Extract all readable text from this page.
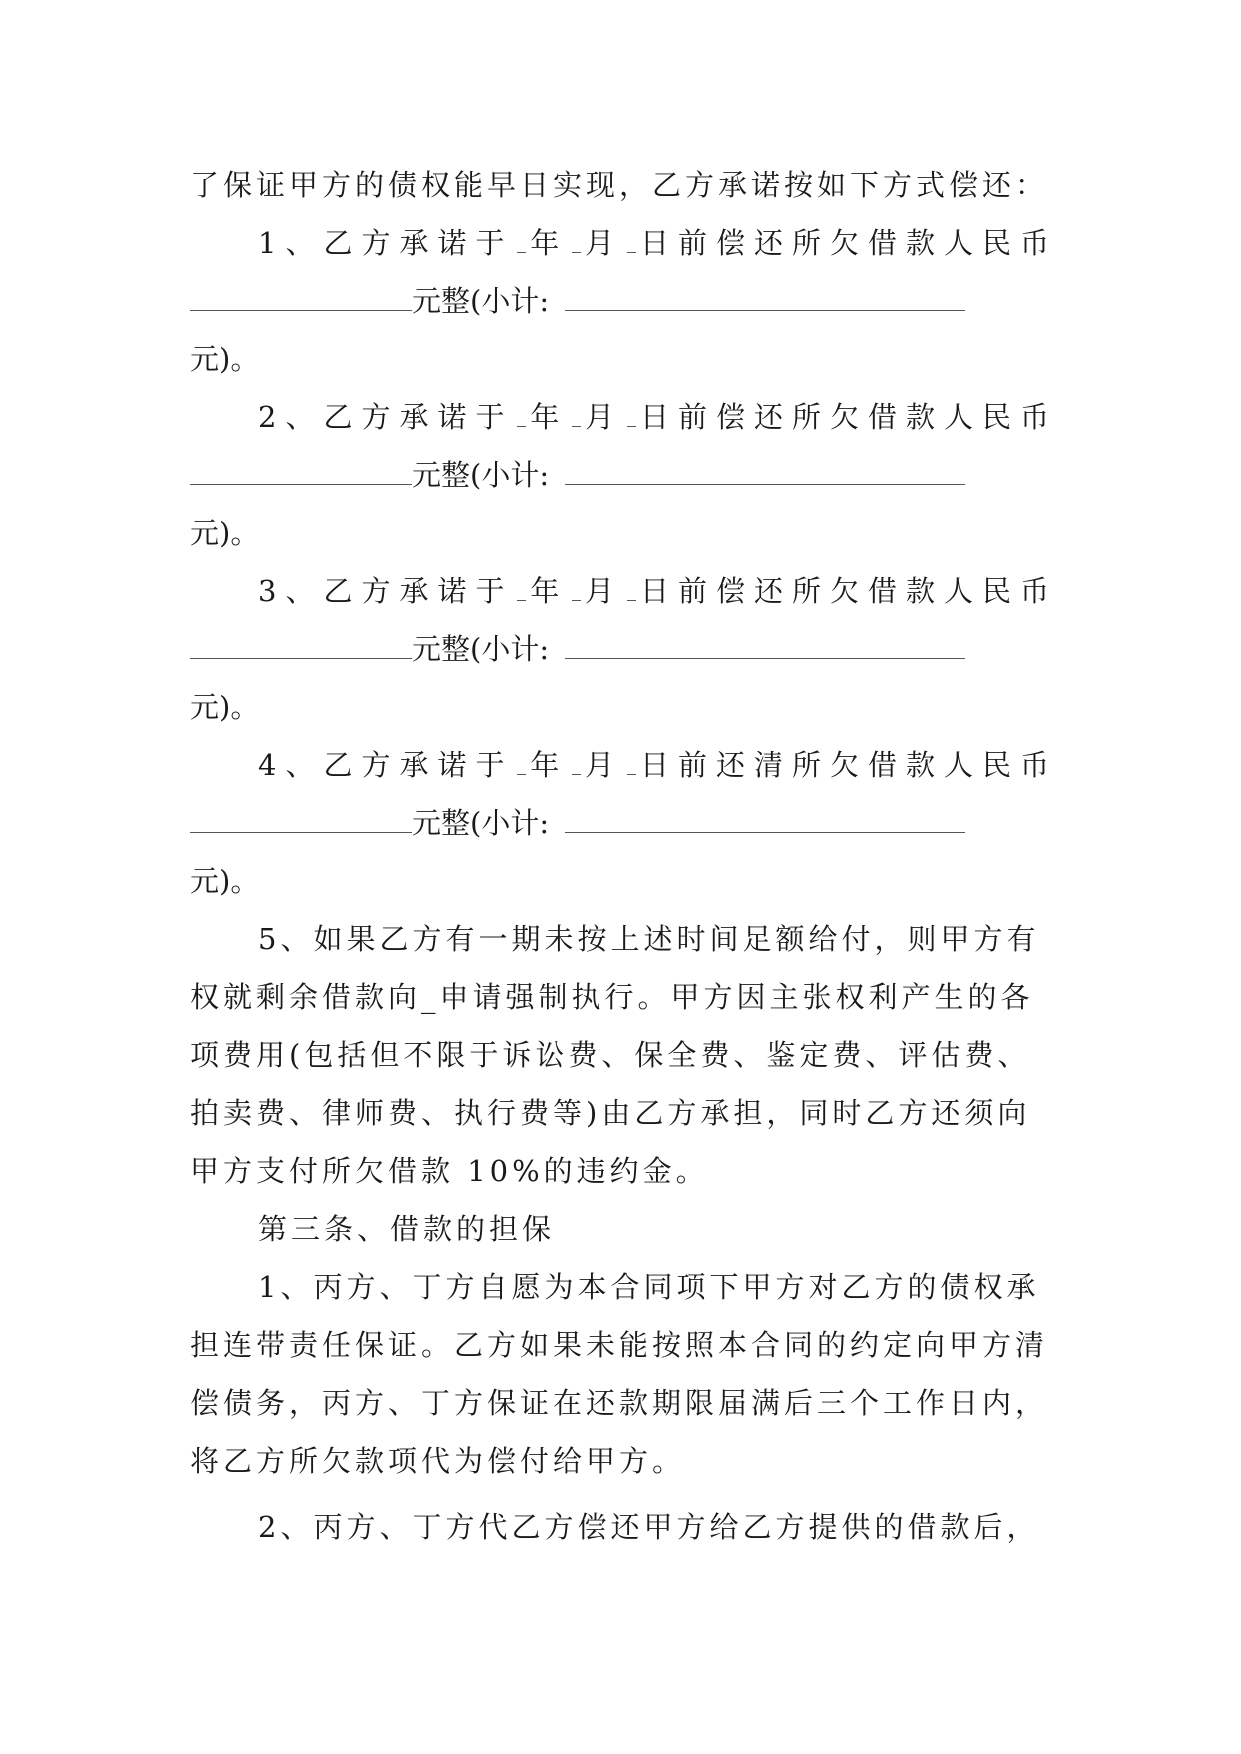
了保证甲方的债权能早日实现，乙方承诺按如下方式偿还：
1 、乙方承诺于 年 月 日前偿还所欠借款人民币
元整(小计:
元)。
2 、乙方承诺于 年 月 日前偿还所欠借款人民币
元整(小计:
元)。
3 、乙方承诺于 年 月 日前偿还所欠借款人民币
元整(小计:
元)。
4 、乙方承诺于 年 月 日前还清所欠借款人民币
元整(小计:
元)。
5、如果乙方有一期未按上述时间足额给付，则甲方有
权就剩余借款向_申请强制执行。甲方因主张权利产生的各
项费用(包括但不限于诉讼费、保全费、鉴定费、评估费、
拍卖费、律师费、执行费等)由乙方承担，同时乙方还须向
甲方支付所欠借款 10%的违约金。
第三条、借款的担保
1、丙方、丁方自愿为本合同项下甲方对乙方的债权承
担连带责任保证。乙方如果未能按照本合同的约定向甲方清
偿债务，丙方、丁方保证在还款期限届满后三个工作日内，
将乙方所欠款项代为偿付给甲方。
2、丙方、丁方代乙方偿还甲方给乙方提供的借款后，
